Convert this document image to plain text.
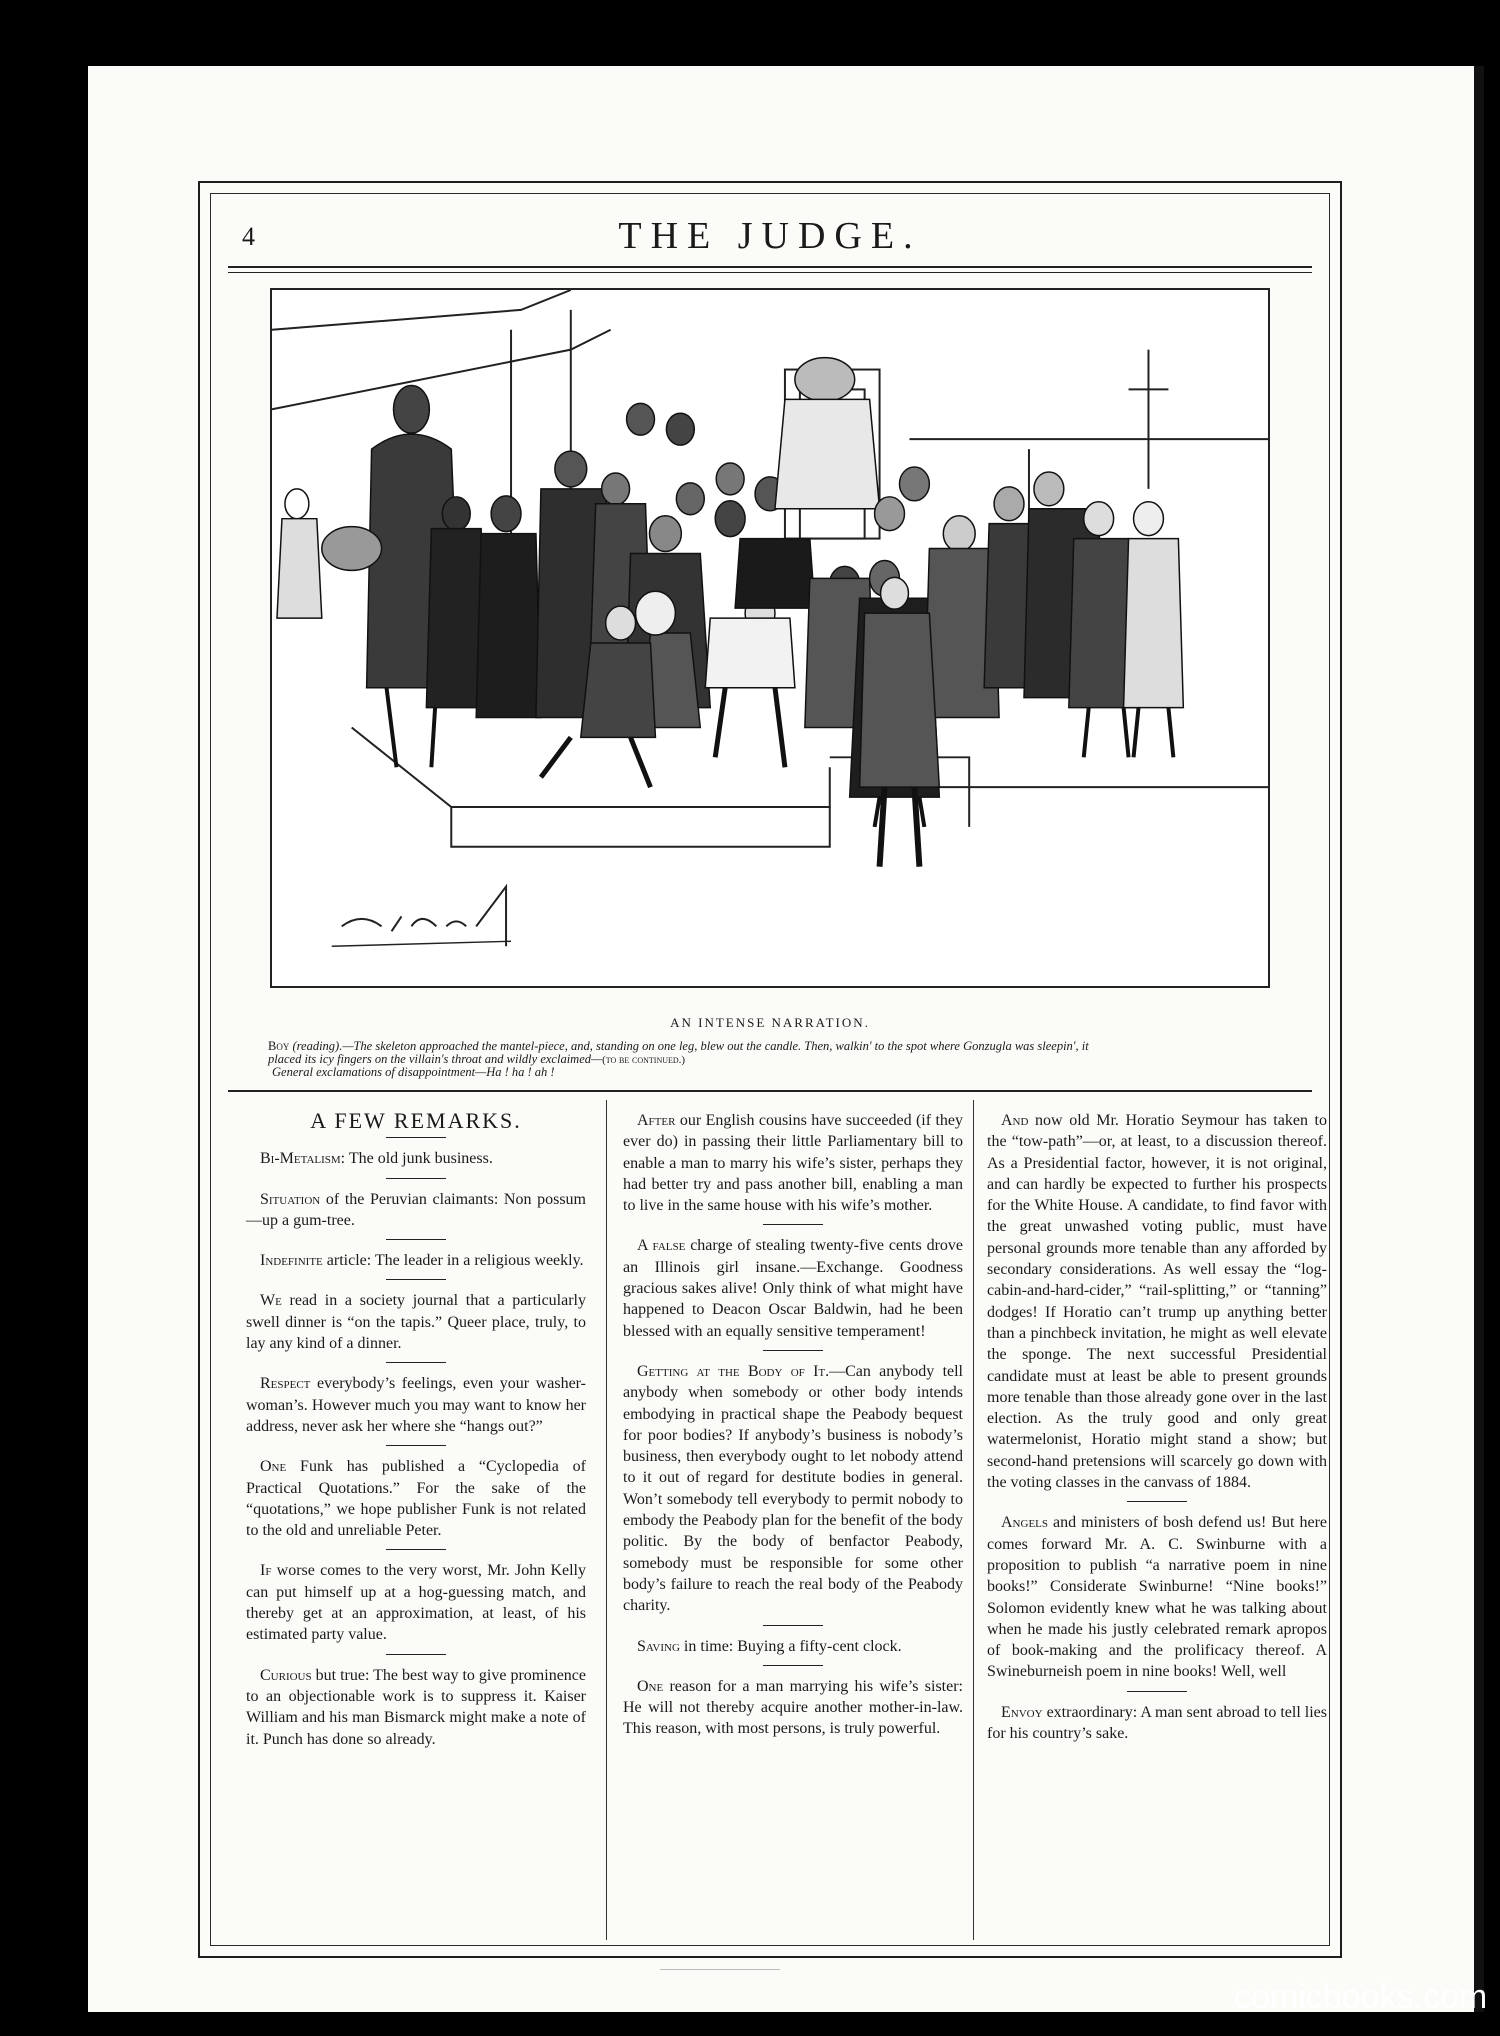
4	THE JUDGE.
AN INTENSE NARRATION.
Boy (reading).—The skeleton approached the mantel-piece, and, standing on one leg, blew out the candle. Then, walkin' to the spot where Gonzugla was sleepin', it
placed its icy fingers on the villain's throat and wildly exclaimed—(to be continued.)
General exclamations of disappointment—Ha ! ha ! ah !
A FEW REMARKS.

Bi-Metalism: The old junk business.

Situation of the Peruvian claimants: Non possum—up a gum-tree.

Indefinite article: The leader in a religious weekly.

We read in a society journal that a particularly swell dinner is “on the tapis.” Queer place, truly, to lay any kind of a dinner.

Respect everybody’s feelings, even your washer-woman’s. However much you may want to know her address, never ask her where she “hangs out?”

One Funk has published a “Cyclopedia of Practical Quotations.” For the sake of the “quotations,” we hope publisher Funk is not related to the old and unreliable Peter.

If worse comes to the very worst, Mr. John Kelly can put himself up at a hog-guessing match, and thereby get at an approximation, at least, of his estimated party value.

Curious but true: The best way to give prominence to an objectionable work is to suppress it. Kaiser William and his man Bismarck might make a note of it. Punch has done so already.

After our English cousins have succeeded (if they ever do) in passing their little Parliamentary bill to enable a man to marry his wife’s sister, perhaps they had better try and pass another bill, enabling a man to live in the same house with his wife’s mother.

A false charge of stealing twenty-five cents drove an Illinois girl insane.—Exchange. Goodness gracious sakes alive! Only think of what might have happened to Deacon Oscar Baldwin, had he been blessed with an equally sensitive temperament!

Getting at the Body of It.—Can anybody tell anybody when somebody or other body intends embodying in practical shape the Peabody bequest for poor bodies? If anybody’s business is nobody’s business, then everybody ought to let nobody attend to it out of regard for destitute bodies in general. Won’t somebody tell everybody to permit nobody to embody the Peabody plan for the benefit of the body politic. By the body of benfactor Peabody, somebody must be responsible for some other body’s failure to reach the real body of the Peabody charity.

Saving in time: Buying a fifty-cent clock.

One reason for a man marrying his wife’s sister: He will not thereby acquire another mother-in-law. This reason, with most persons, is truly powerful.

And now old Mr. Horatio Seymour has taken to the “tow-path”—or, at least, to a discussion thereof. As a Presidential factor, however, it is not original, and can hardly be expected to further his prospects for the White House. A candidate, to find favor with the great unwashed voting public, must have personal grounds more tenable than any afforded by secondary considerations. As well essay the “log-cabin-and-hard-cider,” “rail-splitting,” or “tanning” dodges! If Horatio can’t trump up anything better than a pinchbeck invitation, he might as well elevate the sponge. The next successful Presidential candidate must at least be able to present grounds more tenable than those already gone over in the last election. As the truly good and only great watermelonist, Horatio might stand a show; but second-hand pretensions will scarcely go down with the voting classes in the canvass of 1884.

Angels and ministers of bosh defend us! But here comes forward Mr. A. C. Swinburne with a proposition to publish “a narrative poem in nine books!” Considerate Swinburne! “Nine books!” Solomon evidently knew what he was talking about when he made his justly celebrated remark apropos of book-making and the prolificacy thereof. A Swineburneish poem in nine books! Well, well

Envoy extraordinary: A man sent abroad to tell lies for his country’s sake.

comicbooks.com
